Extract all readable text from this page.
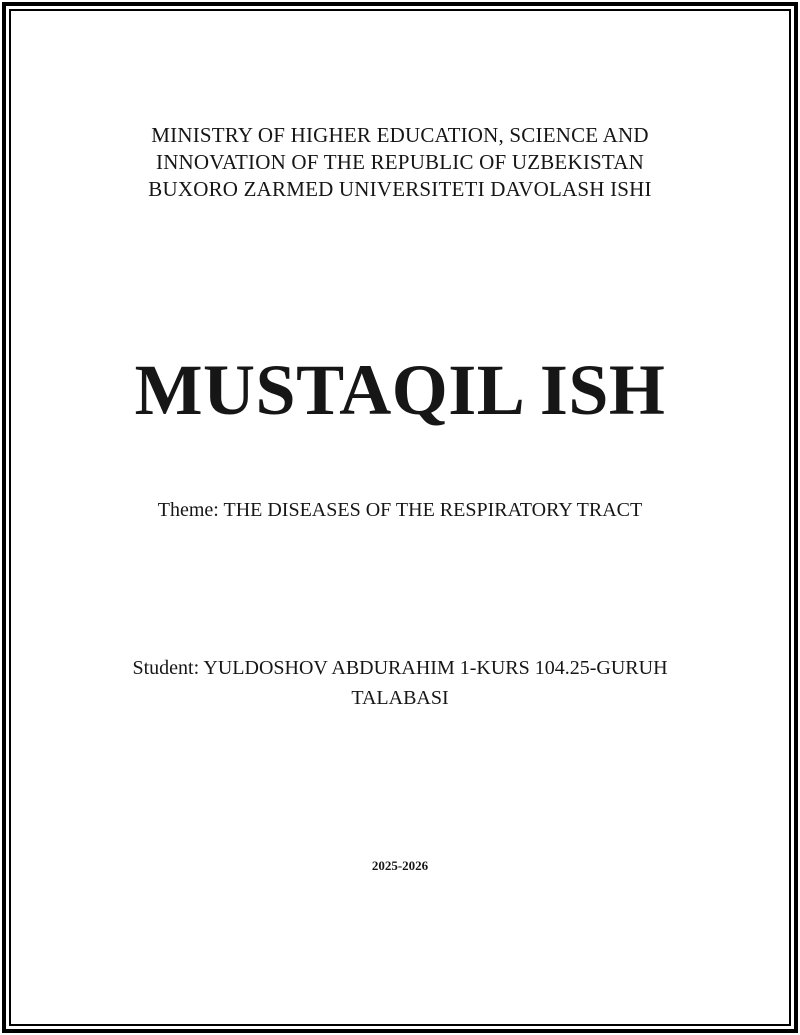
MINISTRY OF HIGHER EDUCATION, SCIENCE AND
INNOVATION OF THE REPUBLIC OF UZBEKISTAN
BUXORO ZARMED UNIVERSITETI DAVOLASH ISHI
MUSTAQIL ISH
Theme: THE DISEASES OF THE RESPIRATORY TRACT
Student: YULDOSHOV ABDURAHIM 1-KURS 104.25-GURUH TALABASI
2025-2026
